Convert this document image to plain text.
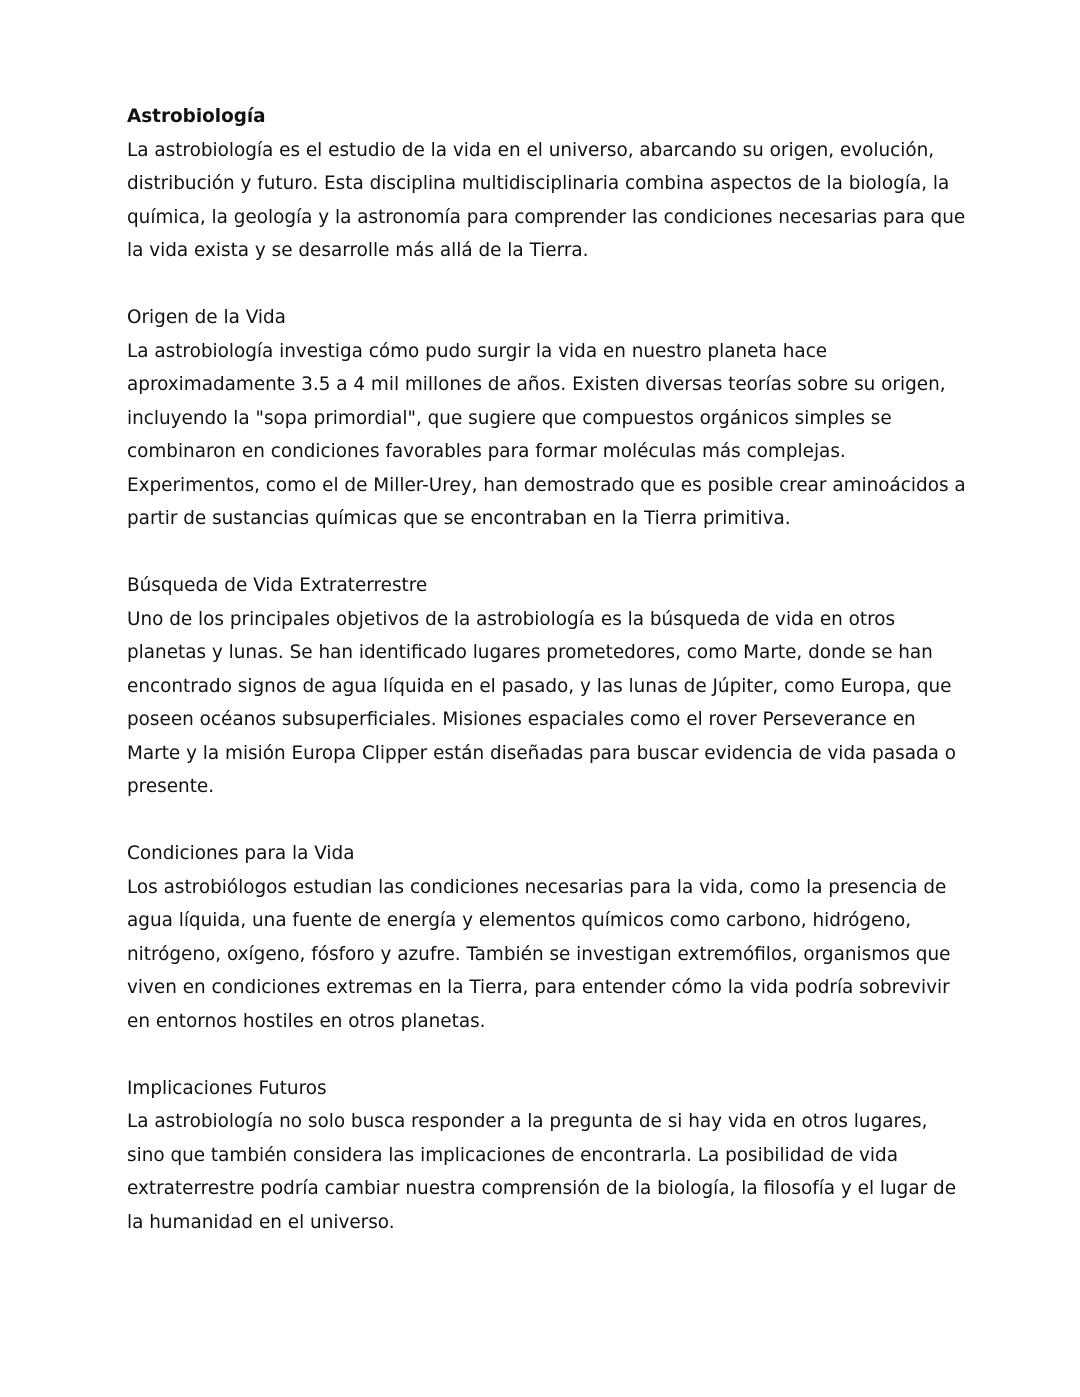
Astrobiología

La astrobiología es el estudio de la vida en el universo, abarcando su origen, evolución, distribución y futuro. Esta disciplina multidisciplinaria combina aspectos de la biología, la química, la geología y la astronomía para comprender las condiciones necesarias para que la vida exista y se desarrolle más allá de la Tierra.

Origen de la Vida

La astrobiología investiga cómo pudo surgir la vida en nuestro planeta hace aproximadamente 3.5 a 4 mil millones de años. Existen diversas teorías sobre su origen, incluyendo la "sopa primordial", que sugiere que compuestos orgánicos simples se combinaron en condiciones favorables para formar moléculas más complejas. Experimentos, como el de Miller-Urey, han demostrado que es posible crear aminoácidos a partir de sustancias químicas que se encontraban en la Tierra primitiva.

Búsqueda de Vida Extraterrestre

Uno de los principales objetivos de la astrobiología es la búsqueda de vida en otros planetas y lunas. Se han identificado lugares prometedores, como Marte, donde se han encontrado signos de agua líquida en el pasado, y las lunas de Júpiter, como Europa, que poseen océanos subsuperficiales. Misiones espaciales como el rover Perseverance en Marte y la misión Europa Clipper están diseñadas para buscar evidencia de vida pasada o presente.

Condiciones para la Vida

Los astrobiólogos estudian las condiciones necesarias para la vida, como la presencia de agua líquida, una fuente de energía y elementos químicos como carbono, hidrógeno, nitrógeno, oxígeno, fósforo y azufre. También se investigan extremófilos, organismos que viven en condiciones extremas en la Tierra, para entender cómo la vida podría sobrevivir en entornos hostiles en otros planetas.

Implicaciones Futuros

La astrobiología no solo busca responder a la pregunta de si hay vida en otros lugares, sino que también considera las implicaciones de encontrarla. La posibilidad de vida extraterrestre podría cambiar nuestra comprensión de la biología, la filosofía y el lugar de la humanidad en el universo.
